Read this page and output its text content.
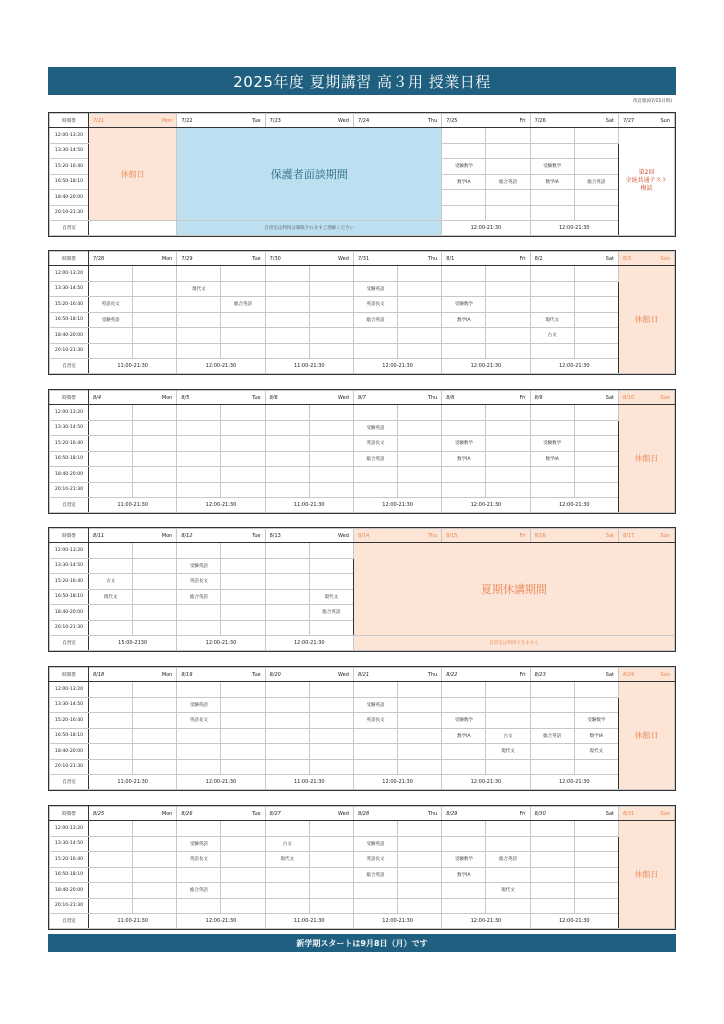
2025年度 夏期講習 高３用 授業日程
改訂版(07/15日時)
時間帯	7/21 Mon	7/22 Tue	7/23 Wed	7/24 Thu	7/25 Fri		7/26 Sat		7/27 Sun

12:00-13:20	休館日	保護者面談期間							第2回
全統共通テスト
模試
13:30-14:50									
15:20-16:40					受験数学		受験数学		
16:50-18:10					数学IA	総合英語	数学IA	総合英語	
18:40-20:00									
20:10-21:30									
自習室		自習室は利用は制限されますご理解ください			12:00-21:30		12:00-21:30		
時間帯	7/28 Mon		7/29 Tue		7/30 Wed		7/31 Thu		8/1 Fri		8/2 Sat		8/3 Sun

12:00-13:20													休館日
13:30-14:50			現代文				受験英語						
15:20-16:40	英語長文			総合英語			英語長文		受験数学				
16:50-18:10	受験英語						総合英語		数学IA		現代文		
18:40-20:00											古文		
20:10-21:30													
自習室	11:00-21:30		12:00-21:30		11:00-21:30		12:00-21:30		12:00-21:30		12:00-21:30		
時間帯	8/4 Mon		8/5 Tue		8/6 Wed		8/7 Thu		8/8 Fri		8/9 Sat		8/10 Sun

12:00-13:20													休館日
13:30-14:50							受験英語						
15:20-16:40							英語長文		受験数学		受験数学		
16:50-18:10							総合英語		数学IA		数学IA		
18:40-20:00													
20:10-21:30													
自習室	11:00-21:30		12:00-21:30		11:00-21:30		12:00-21:30		12:00-21:30		12:00-21:30		
時間帯	8/11 Mon		8/12 Tue		8/13 Wed		8/14 Thu	8/15 Fri	8/16 Sat	8/17 Sun

12:00-13:20							夏期休講期間			
13:30-14:50			受験英語							
15:20-16:40	古文		英語長文							
16:50-18:10	現代文		総合英語			現代文				
18:40-20:00						総合英語				
20:10-21:30										
自習室	15:00-2130		12:00-21:30		12:00-21:30		自習室は利用できません			
時間帯	8/18 Mon		8/19 Tue		8/20 Wed		8/21 Thu		8/22 Fri		8/23 Sat		8/24 Sun

12:00-13:20													休館日
13:30-14:50			受験英語				受験英語						
15:20-16:40			英語長文				英語長文		受験数学			受験数学	
16:50-18:10									数学IA	古文	総合英語	数学IA	
18:40-20:00										現代文		現代文	
20:10-21:30													
自習室	11:00-21:30		12:00-21:30		11:00-21:30		12:00-21:30		12:00-21:30		12:00-21:30		
時間帯	8/25 Mon		8/26 Tue		8/27 Wed		8/28 Thu		8/29 Fri		8/30 Sat		8/31 Sun

12:00-13:20													休館日
13:30-14:50			受験英語		古文		受験英語						
15:20-16:40			英語長文		現代文		英語長文		受験数学	総合英語			
16:50-18:10							総合英語		数学IA				
18:40-20:00			総合英語							現代文			
20:10-21:30													
自習室	11:00-21:30		12:00-21:30		11:00-21:30		12:00-21:30		12:00-21:30		12:00-21:30		
新学期スタートは9月8日（月）です
